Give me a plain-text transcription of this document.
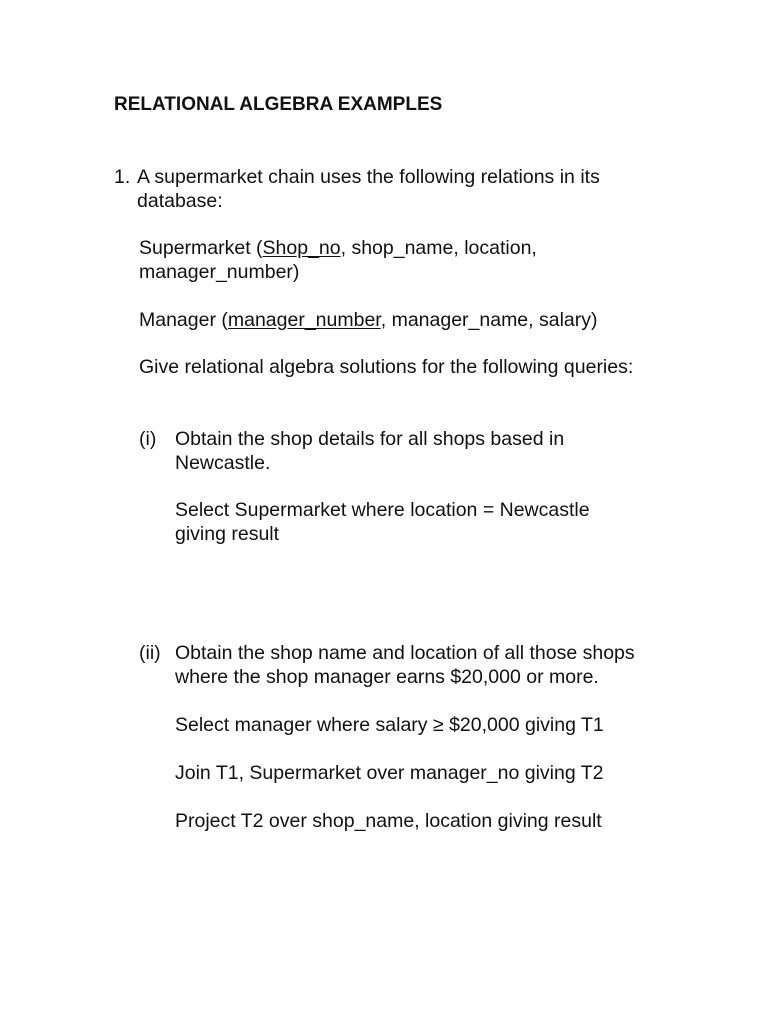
RELATIONAL ALGEBRA EXAMPLES
1. A supermarket chain uses the following relations in its
database:
Supermarket (Shop_no, shop_name, location,
manager_number)
Manager (manager_number, manager_name, salary)
Give relational algebra solutions for the following queries:
(i) Obtain the shop details for all shops based in
Newcastle.
Select Supermarket where location = Newcastle
giving result
(ii) Obtain the shop name and location of all those shops
where the shop manager earns $20,000 or more.
Select manager where salary ≥ $20,000 giving T1
Join T1, Supermarket over manager_no giving T2
Project T2 over shop_name, location giving result
